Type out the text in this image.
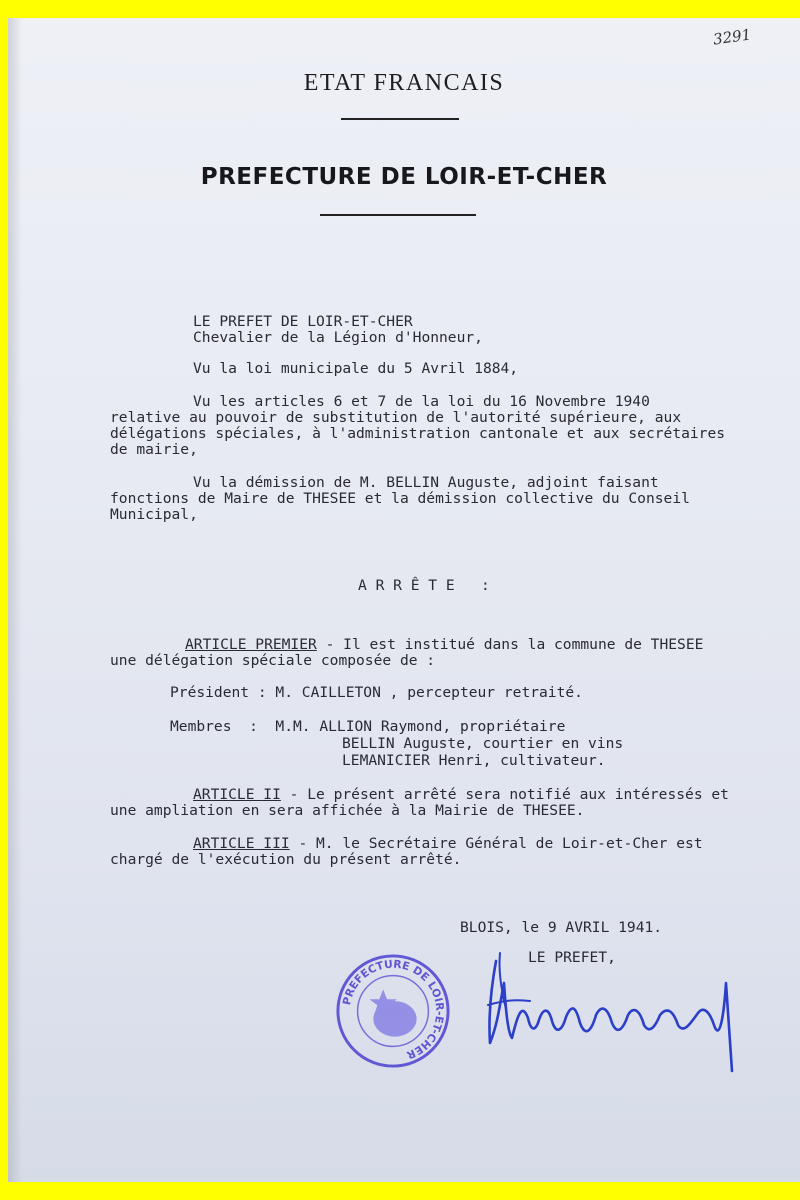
3291
ETAT FRANCAIS
PREFECTURE DE LOIR-ET-CHER
LE PREFET DE LOIR-ET-CHER
Chevalier de la Légion d'Honneur,
Vu la loi municipale du 5 Avril 1884,
Vu les articles 6 et 7 de la loi du 16 Novembre 1940
relative au pouvoir de substitution de l'autorité supérieure, aux
délégations spéciales, à l'administration cantonale et aux secrétaires
de mairie,
Vu la démission de M. BELLIN Auguste, adjoint faisant
fonctions de Maire de THESEE et la démission collective du Conseil
Municipal,
A R R Ê T E   :
ARTICLE PREMIER - Il est institué dans la commune de THESEE
une délégation spéciale composée de :
Président : M. CAILLETON , percepteur retraité.
Membres  :  M.M. ALLION Raymond, propriétaire
BELLIN Auguste, courtier en vins
LEMANICIER Henri, cultivateur.
ARTICLE II - Le présent arrêté sera notifié aux intéressés et
une ampliation en sera affichée à la Mairie de THESEE.
ARTICLE III - M. le Secrétaire Général de Loir-et-Cher est
chargé de l'exécution du présent arrêté.
BLOIS, le 9 AVRIL 1941.
LE PREFET,
PREFECTURE DE LOIR-ET-CHER
